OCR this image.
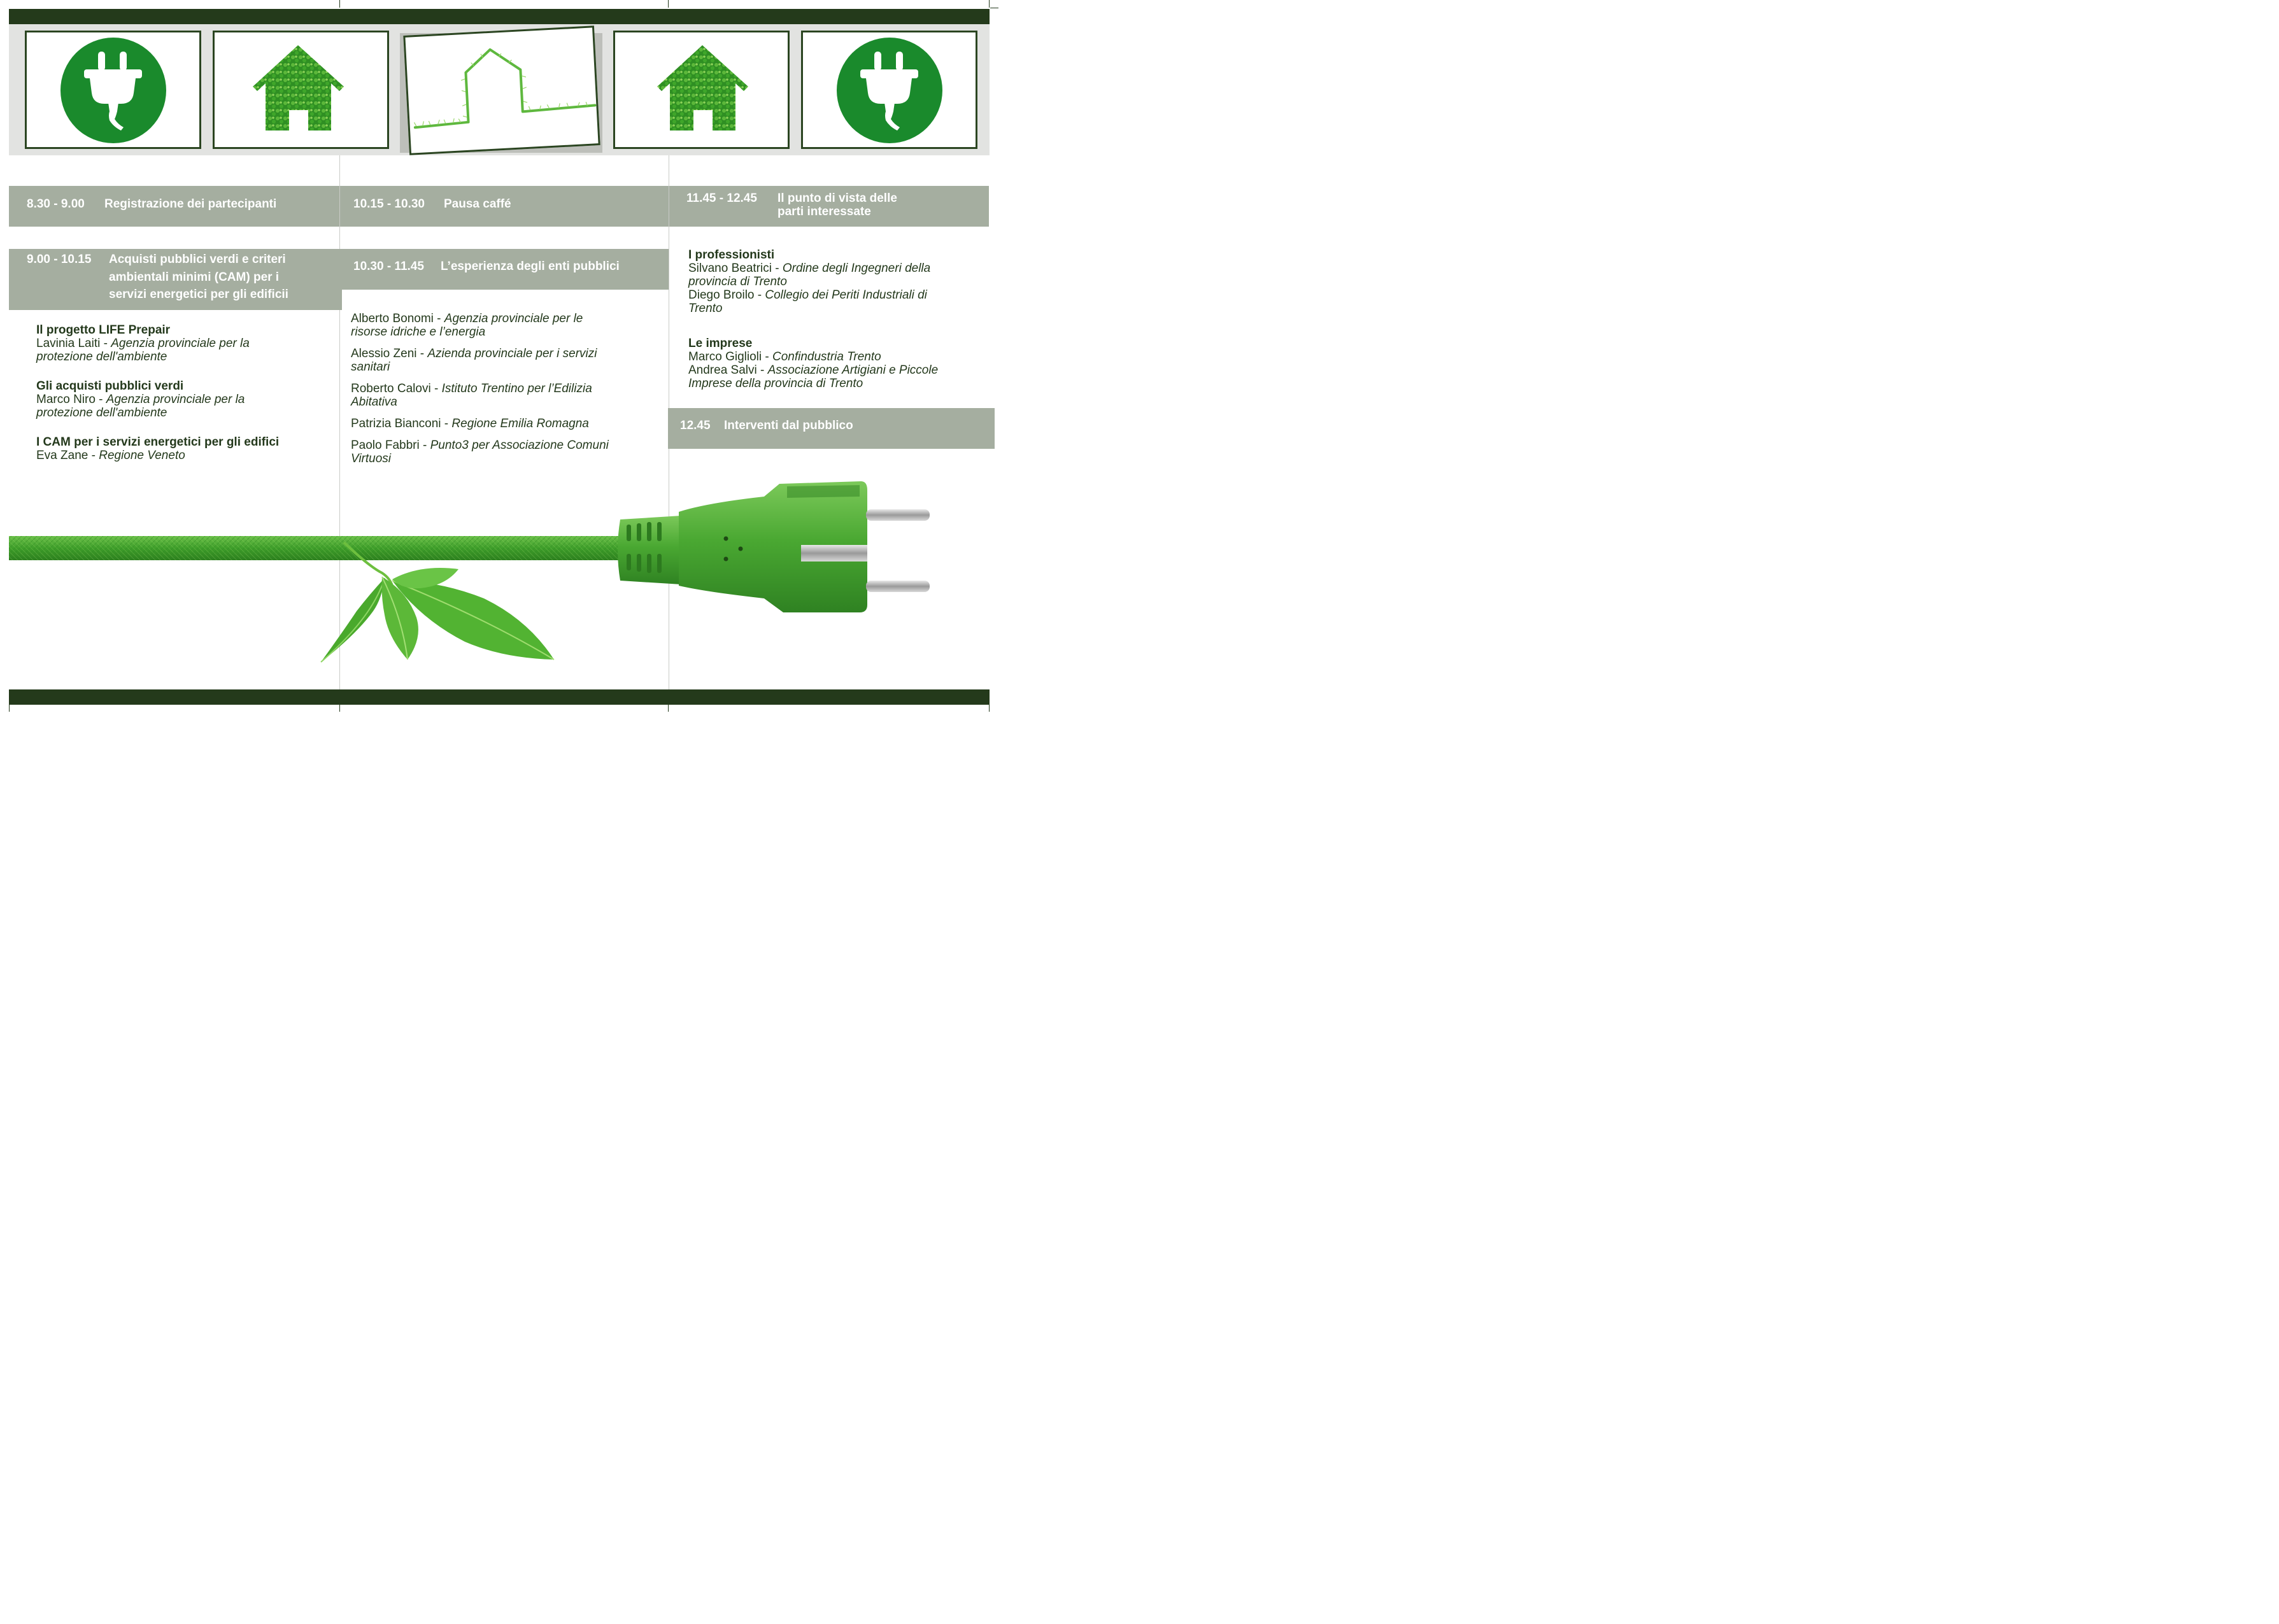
8.30 - 9.00 Registrazione dei partecipanti	10.15 - 10.30 Pausa caffé	11.45 - 12.45 Il punto di vista delle
parti interessate
9.00 - 10.15 Acquisti pubblici verdi e criteri
ambientali minimi (CAM) per i
servizi energetici per gli edificii
10.30 - 11.45 L’esperienza degli enti pubblici
12.45 Interventi dal pubblico
Il progetto LIFE Prepair
Lavinia Laiti - Agenzia provinciale per la
protezione dell'ambiente
Gli acquisti pubblici verdi
Marco Niro - Agenzia provinciale per la
protezione dell'ambiente
I CAM per i servizi energetici per gli edifici
Eva Zane - Regione Veneto
Alberto Bonomi - Agenzia provinciale per le
risorse idriche e l’energia
Alessio Zeni - Azienda provinciale per i servizi
sanitari
Roberto Calovi - Istituto Trentino per l’Edilizia
Abitativa
Patrizia Bianconi - Regione Emilia Romagna
Paolo Fabbri - Punto3 per Associazione Comuni
Virtuosi
I professionisti
Silvano Beatrici - Ordine degli Ingegneri della
provincia di Trento
Diego Broilo - Collegio dei Periti Industriali di
Trento
Le imprese
Marco Giglioli - Confindustria Trento
Andrea Salvi - Associazione Artigiani e Piccole
Imprese della provincia di Trento
